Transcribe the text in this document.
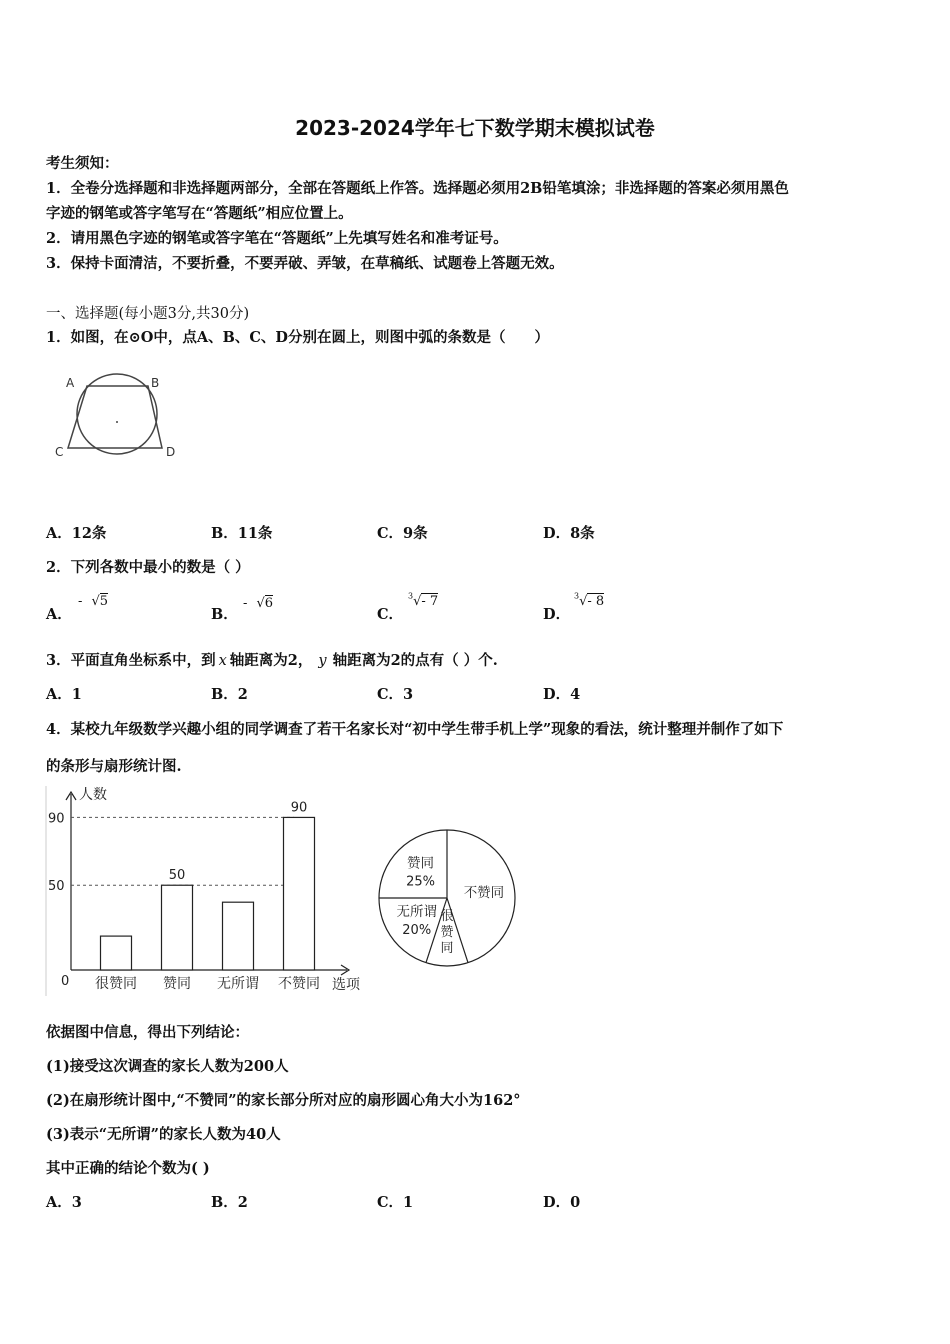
2023-2024学年七下数学期末模拟试卷
考生须知：
1．全卷分选择题和非选择题两部分，全部在答题纸上作答。选择题必须用2B铅笔填涂；非选择题的答案必须用黑色
字迹的钢笔或答字笔写在“答题纸”相应位置上。
2．请用黑色字迹的钢笔或答字笔在“答题纸”上先填写姓名和准考证号。
3．保持卡面清洁，不要折叠，不要弄破、弄皱，在草稿纸、试题卷上答题无效。
一、选择题(每小题3分,共30分)
1．如图，在⊙O中，点A、B、C、D分别在圆上，则图中弧的条数是（　　）
A	B
C	D
A．12条	B．11条	C．9条	D．8条
2．下列各数中最小的数是（ ）
A．
- √5
B．
- √6
C．
$^3$√- 7
D．
$^3$√- 8
3．平面直角坐标系中，到 x 轴距离为2， y 轴距离为2的点有（ ）个.
A．1	B．2	C．3	D．4
4．某校九年级数学兴趣小组的同学调查了若干名家长对“初中学生带手机上学”现象的看法，统计整理并制作了如下
的条形与扇形统计图.
人数
选项
0
50
90
很赞同 赞同
50
无所谓 不赞同
90
不赞同
很
赞
同
无所谓
20%
赞同
25%
依据图中信息，得出下列结论：
(1)接受这次调查的家长人数为200人
(2)在扇形统计图中,“不赞同”的家长部分所对应的扇形圆心角大小为162°
(3)表示“无所谓”的家长人数为40人
其中正确的结论个数为( )
A．3	B．2	C．1	D．0
